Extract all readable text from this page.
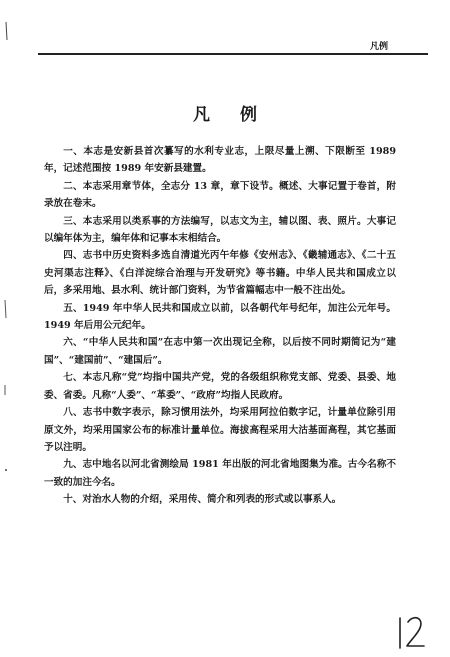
凡例
凡 例

一、本志是安新县首次纂写的水利专业志，上限尽量上溯、下限断至 1989 年，记述范围按 1989 年安新县建置。

二、本志采用章节体，全志分 13 章，章下设节。概述、大事记置于卷首，附录放在卷末。

三、本志采用以类系事的方法编写，以志文为主，辅以图、表、照片。大事记以编年体为主，编年体和记事本末相结合。

四、志书中历史资料多选自清道光丙午年修《安州志》、《畿辅通志》、《二十五史河渠志注释》、《白洋淀综合治理与开发研究》等书籍。中华人民共和国成立以后，多采用地、县水利、统计部门资料，为节省篇幅志中一般不注出处。

五、1949 年中华人民共和国成立以前，以各朝代年号纪年，加注公元年号。1949 年后用公元纪年。

六、“中华人民共和国”在志中第一次出现记全称，以后按不同时期简记为“建国”、“建国前”、“建国后”。

七、本志凡称“党”均指中国共产党，党的各级组织称党支部、党委、县委、地委、省委。凡称“人委”、“革委”、“政府”均指人民政府。

八、志书中数字表示，除习惯用法外，均采用阿拉伯数字记，计量单位除引用原文外，均采用国家公布的标准计量单位。海拔高程采用大沽基面高程，其它基面予以注明。

九、志中地名以河北省测绘局 1981 年出版的河北省地图集为准。古今名称不一致的加注今名。

十、对治水人物的介绍，采用传、简介和列表的形式或以事系人。
